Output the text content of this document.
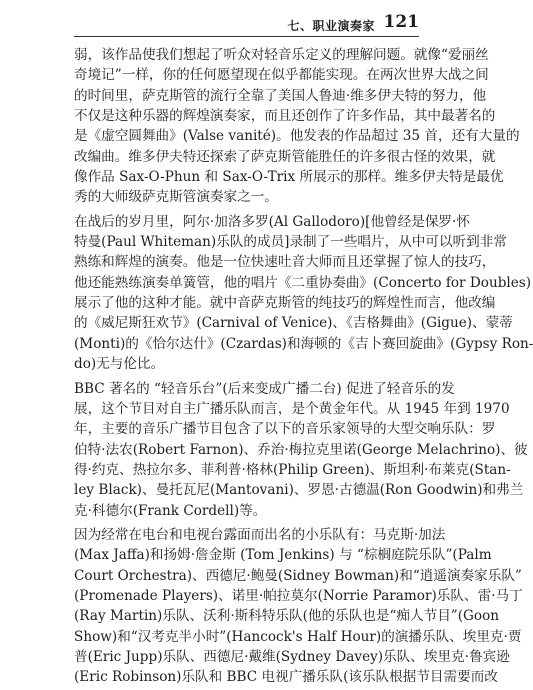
七、职业演奏家 121
弱，该作品使我们想起了听众对轻音乐定义的理解问题。就像“爱丽丝
奇境记”一样，你的任何愿望现在似乎都能实现。在两次世界大战之间
的时间里，萨克斯管的流行全靠了美国人鲁迪·维多伊夫特的努力，他
不仅是这种乐器的辉煌演奏家，而且还创作了许多作品，其中最著名的
是《虚空圆舞曲》(Valse vanité)。他发表的作品超过 35 首，还有大量的
改编曲。维多伊夫特还探索了萨克斯管能胜任的许多很古怪的效果，就
像作品 Sax-O-Phun 和 Sax-O-Trix 所展示的那样。维多伊夫特是最优
秀的大师级萨克斯管演奏家之一。
在战后的岁月里，阿尔·加洛多罗(Al Gallodoro)[他曾经是保罗·怀
特曼(Paul Whiteman)乐队的成员]录制了一些唱片，从中可以听到非常
熟练和辉煌的演奏。他是一位快速吐音大师而且还掌握了惊人的技巧，
他还能熟练演奏单簧管，他的唱片《二重协奏曲》(Concerto for Doubles)
展示了他的这种才能。就中音萨克斯管的纯技巧的辉煌性而言，他改编
的《威尼斯狂欢节》(Carnival of Venice)、《吉格舞曲》(Gigue)、蒙蒂
(Monti)的《恰尔达什》(Czardas)和海顿的《吉卜赛回旋曲》(Gypsy Ron-
do)无与伦比。
BBC 著名的 “轻音乐台”(后来变成广播二台) 促进了轻音乐的发
展，这个节目对自主广播乐队而言，是个黄金年代。从 1945 年到 1970
年，主要的音乐广播节目包含了以下的音乐家领导的大型交响乐队：罗
伯特·法农(Robert Farnon)、乔治·梅拉克里诺(George Melachrino)、彼
得·约克、热拉尔多、菲利普·格林(Philip Green)、斯坦利·布莱克(Stan-
ley Black)、曼托瓦尼(Mantovani)、罗恩·古德温(Ron Goodwin)和弗兰
克·科德尔(Frank Cordell)等。
因为经常在电台和电视台露面而出名的小乐队有：马克斯·加法
(Max Jaffa)和扬姆·詹金斯 (Tom Jenkins) 与 “棕榈庭院乐队”(Palm
Court Orchestra)、西德尼·鲍曼(Sidney Bowman)和“逍遥演奏家乐队”
(Promenade Players)、诺里·帕拉莫尔(Norrie Paramor)乐队、雷·马丁
(Ray Martin)乐队、沃利·斯科特乐队(他的乐队也是“痴人节目”(Goon
Show)和“汉考克半小时”(Hancock's Half Hour)的演播乐队、埃里克·贾
普(Eric Jupp)乐队、西德尼·戴维(Sydney Davey)乐队、埃里克·鲁宾逊
(Eric Robinson)乐队和 BBC 电视广播乐队(该乐队根据节目需要而改
